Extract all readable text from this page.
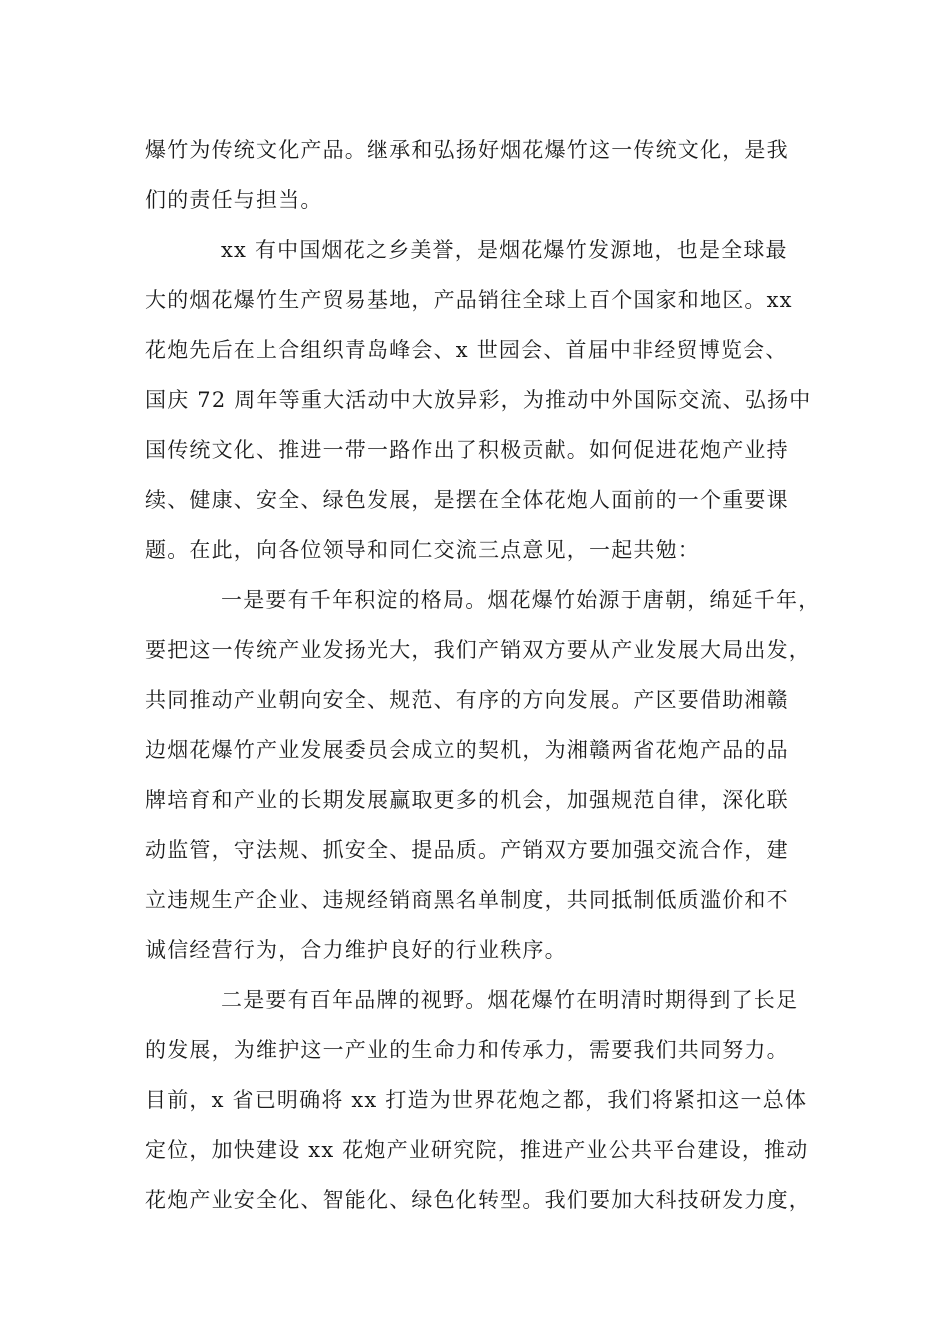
爆竹为传统文化产品。继承和弘扬好烟花爆竹这一传统文化，是我
们的责任与担当。
xx 有中国烟花之乡美誉，是烟花爆竹发源地，也是全球最
大的烟花爆竹生产贸易基地，产品销往全球上百个国家和地区。xx
花炮先后在上合组织青岛峰会、x 世园会、首届中非经贸博览会、
国庆 72 周年等重大活动中大放异彩，为推动中外国际交流、弘扬中
国传统文化、推进一带一路作出了积极贡献。如何促进花炮产业持
续、健康、安全、绿色发展，是摆在全体花炮人面前的一个重要课
题。在此，向各位领导和同仁交流三点意见，一起共勉：
一是要有千年积淀的格局。烟花爆竹始源于唐朝，绵延千年，
要把这一传统产业发扬光大，我们产销双方要从产业发展大局出发，
共同推动产业朝向安全、规范、有序的方向发展。产区要借助湘赣
边烟花爆竹产业发展委员会成立的契机，为湘赣两省花炮产品的品
牌培育和产业的长期发展赢取更多的机会，加强规范自律，深化联
动监管，守法规、抓安全、提品质。产销双方要加强交流合作，建
立违规生产企业、违规经销商黑名单制度，共同抵制低质滥价和不
诚信经营行为，合力维护良好的行业秩序。
二是要有百年品牌的视野。烟花爆竹在明清时期得到了长足
的发展，为维护这一产业的生命力和传承力，需要我们共同努力。
目前，x 省已明确将 xx 打造为世界花炮之都，我们将紧扣这一总体
定位，加快建设 xx 花炮产业研究院，推进产业公共平台建设，推动
花炮产业安全化、智能化、绿色化转型。我们要加大科技研发力度，
